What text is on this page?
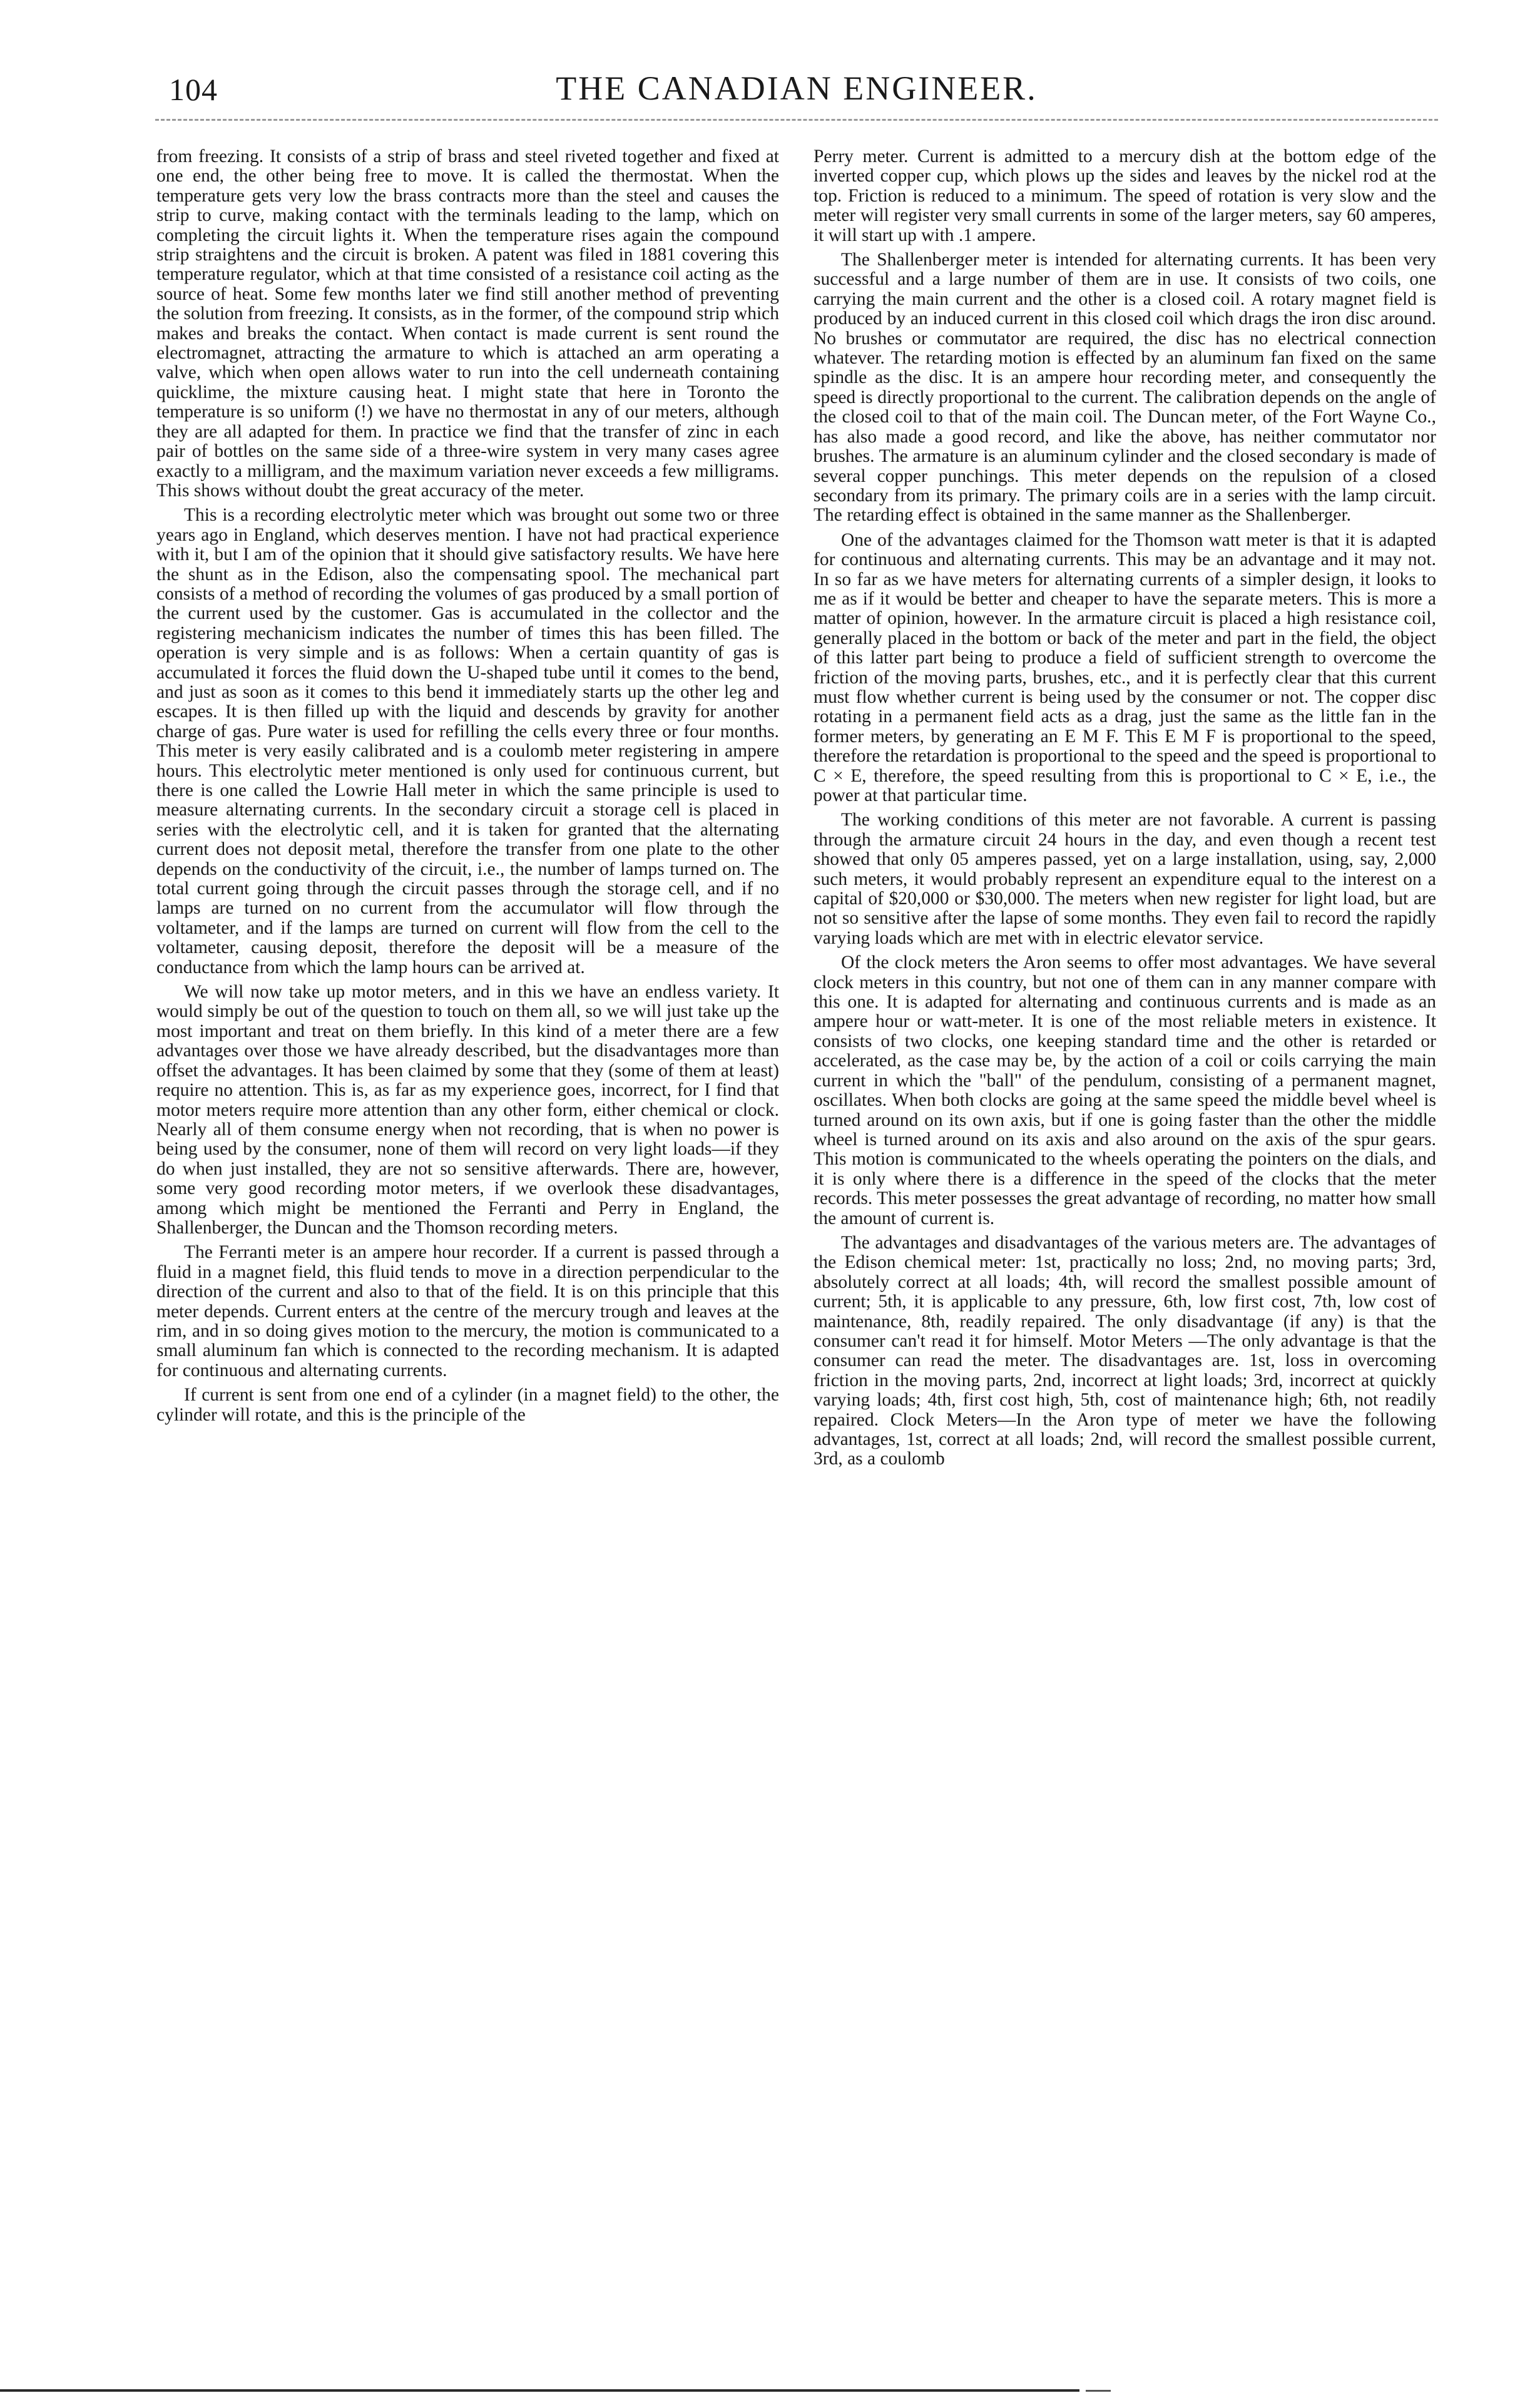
104	THE CANADIAN ENGINEER.

from freezing. It consists of a strip of brass and steel riveted together and fixed at one end, the other being free to move. It is called the thermostat. When the temperature gets very low the brass contracts more than the steel and causes the strip to curve, making contact with the terminals leading to the lamp, which on completing the circuit lights it. When the temperature rises again the compound strip straightens and the circuit is broken. A patent was filed in 1881 covering this temperature regulator, which at that time consisted of a resistance coil acting as the source of heat. Some few months later we find still another method of preventing the solution from freezing. It consists, as in the former, of the compound strip which makes and breaks the contact. When contact is made current is sent round the electromagnet, attracting the armature to which is attached an arm operating a valve, which when open allows water to run into the cell underneath containing quicklime, the mixture causing heat. I might state that here in Toronto the temperature is so uniform (!) we have no thermostat in any of our meters, although they are all adapted for them. In practice we find that the transfer of zinc in each pair of bottles on the same side of a three-wire system in very many cases agree exactly to a milligram, and the maximum variation never exceeds a few milligrams. This shows without doubt the great accuracy of the meter.

This is a recording electrolytic meter which was brought out some two or three years ago in England, which deserves mention. I have not had practical experience with it, but I am of the opinion that it should give satisfactory results. We have here the shunt as in the Edison, also the compensating spool. The mechanical part consists of a method of recording the volumes of gas produced by a small portion of the current used by the customer. Gas is accumulated in the collector and the registering mechanicism indicates the number of times this has been filled. The operation is very simple and is as follows: When a certain quantity of gas is accumulated it forces the fluid down the U-shaped tube until it comes to the bend, and just as soon as it comes to this bend it immediately starts up the other leg and escapes. It is then filled up with the liquid and descends by gravity for another charge of gas. Pure water is used for refilling the cells every three or four months. This meter is very easily calibrated and is a coulomb meter registering in ampere hours. This electrolytic meter mentioned is only used for continuous current, but there is one called the Lowrie Hall meter in which the same principle is used to measure alternating currents. In the secondary circuit a storage cell is placed in series with the electrolytic cell, and it is taken for granted that the alternating current does not deposit metal, therefore the transfer from one plate to the other depends on the conductivity of the circuit, i.e., the number of lamps turned on. The total current going through the circuit passes through the storage cell, and if no lamps are turned on no current from the accumulator will flow through the voltameter, and if the lamps are turned on current will flow from the cell to the voltameter, causing deposit, therefore the deposit will be a measure of the conductance from which the lamp hours can be arrived at.

We will now take up motor meters, and in this we have an endless variety. It would simply be out of the question to touch on them all, so we will just take up the most important and treat on them briefly. In this kind of a meter there are a few advantages over those we have already described, but the disadvantages more than offset the advantages. It has been claimed by some that they (some of them at least) require no attention. This is, as far as my experience goes, incorrect, for I find that motor meters require more attention than any other form, either chemical or clock. Nearly all of them consume energy when not recording, that is when no power is being used by the consumer, none of them will record on very light loads—if they do when just installed, they are not so sensitive afterwards. There are, however, some very good recording motor meters, if we overlook these disadvantages, among which might be mentioned the Ferranti and Perry in England, the Shallenberger, the Duncan and the Thomson recording meters.

The Ferranti meter is an ampere hour recorder. If a current is passed through a fluid in a magnet field, this fluid tends to move in a direction perpendicular to the direction of the current and also to that of the field. It is on this principle that this meter depends. Current enters at the centre of the mercury trough and leaves at the rim, and in so doing gives motion to the mercury, the motion is communicated to a small aluminum fan which is connected to the recording mechanism. It is adapted for continuous and alternating currents.

If current is sent from one end of a cylinder (in a magnet field) to the other, the cylinder will rotate, and this is the principle of the

Perry meter. Current is admitted to a mercury dish at the bottom edge of the inverted copper cup, which plows up the sides and leaves by the nickel rod at the top. Friction is reduced to a minimum. The speed of rotation is very slow and the meter will register very small currents in some of the larger meters, say 60 amperes, it will start up with .1 ampere.

The Shallenberger meter is intended for alternating currents. It has been very successful and a large number of them are in use. It consists of two coils, one carrying the main current and the other is a closed coil. A rotary magnet field is produced by an induced current in this closed coil which drags the iron disc around. No brushes or commutator are required, the disc has no electrical connection whatever. The retarding motion is effected by an aluminum fan fixed on the same spindle as the disc. It is an ampere hour recording meter, and consequently the speed is directly proportional to the current. The calibration depends on the angle of the closed coil to that of the main coil. The Duncan meter, of the Fort Wayne Co., has also made a good record, and like the above, has neither commutator nor brushes. The armature is an aluminum cylinder and the closed secondary is made of several copper punchings. This meter depends on the repulsion of a closed secondary from its primary. The primary coils are in a series with the lamp circuit. The retarding effect is obtained in the same manner as the Shallenberger.

One of the advantages claimed for the Thomson watt meter is that it is adapted for continuous and alternating currents. This may be an advantage and it may not. In so far as we have meters for alternating currents of a simpler design, it looks to me as if it would be better and cheaper to have the separate meters. This is more a matter of opinion, however. In the armature circuit is placed a high resistance coil, generally placed in the bottom or back of the meter and part in the field, the object of this latter part being to produce a field of sufficient strength to overcome the friction of the moving parts, brushes, etc., and it is perfectly clear that this current must flow whether current is being used by the consumer or not. The copper disc rotating in a permanent field acts as a drag, just the same as the little fan in the former meters, by generating an E M F. This E M F is proportional to the speed, therefore the retardation is proportional to the speed and the speed is proportional to C × E, therefore, the speed resulting from this is proportional to C × E, i.e., the power at that particular time.

The working conditions of this meter are not favorable. A current is passing through the armature circuit 24 hours in the day, and even though a recent test showed that only 05 amperes passed, yet on a large installation, using, say, 2,000 such meters, it would probably represent an expenditure equal to the interest on a capital of $20,000 or $30,000. The meters when new register for light load, but are not so sensitive after the lapse of some months. They even fail to record the rapidly varying loads which are met with in electric elevator service.

Of the clock meters the Aron seems to offer most advantages. We have several clock meters in this country, but not one of them can in any manner compare with this one. It is adapted for alternating and continuous currents and is made as an ampere hour or watt-meter. It is one of the most reliable meters in existence. It consists of two clocks, one keeping standard time and the other is retarded or accelerated, as the case may be, by the action of a coil or coils carrying the main current in which the "ball" of the pendulum, consisting of a permanent magnet, oscillates. When both clocks are going at the same speed the middle bevel wheel is turned around on its own axis, but if one is going faster than the other the middle wheel is turned around on its axis and also around on the axis of the spur gears. This motion is communicated to the wheels operating the pointers on the dials, and it is only where there is a difference in the speed of the clocks that the meter records. This meter possesses the great advantage of recording, no matter how small the amount of current is.

The advantages and disadvantages of the various meters are. The advantages of the Edison chemical meter: 1st, practically no loss; 2nd, no moving parts; 3rd, absolutely correct at all loads; 4th, will record the smallest possible amount of current; 5th, it is applicable to any pressure, 6th, low first cost, 7th, low cost of maintenance, 8th, readily repaired. The only disadvantage (if any) is that the consumer can't read it for himself. Motor Meters —The only advantage is that the consumer can read the meter. The disadvantages are. 1st, loss in overcoming friction in the moving parts, 2nd, incorrect at light loads; 3rd, incorrect at quickly varying loads; 4th, first cost high, 5th, cost of maintenance high; 6th, not readily repaired. Clock Meters—In the Aron type of meter we have the following advantages, 1st, correct at all loads; 2nd, will record the smallest possible current, 3rd, as a coulomb
